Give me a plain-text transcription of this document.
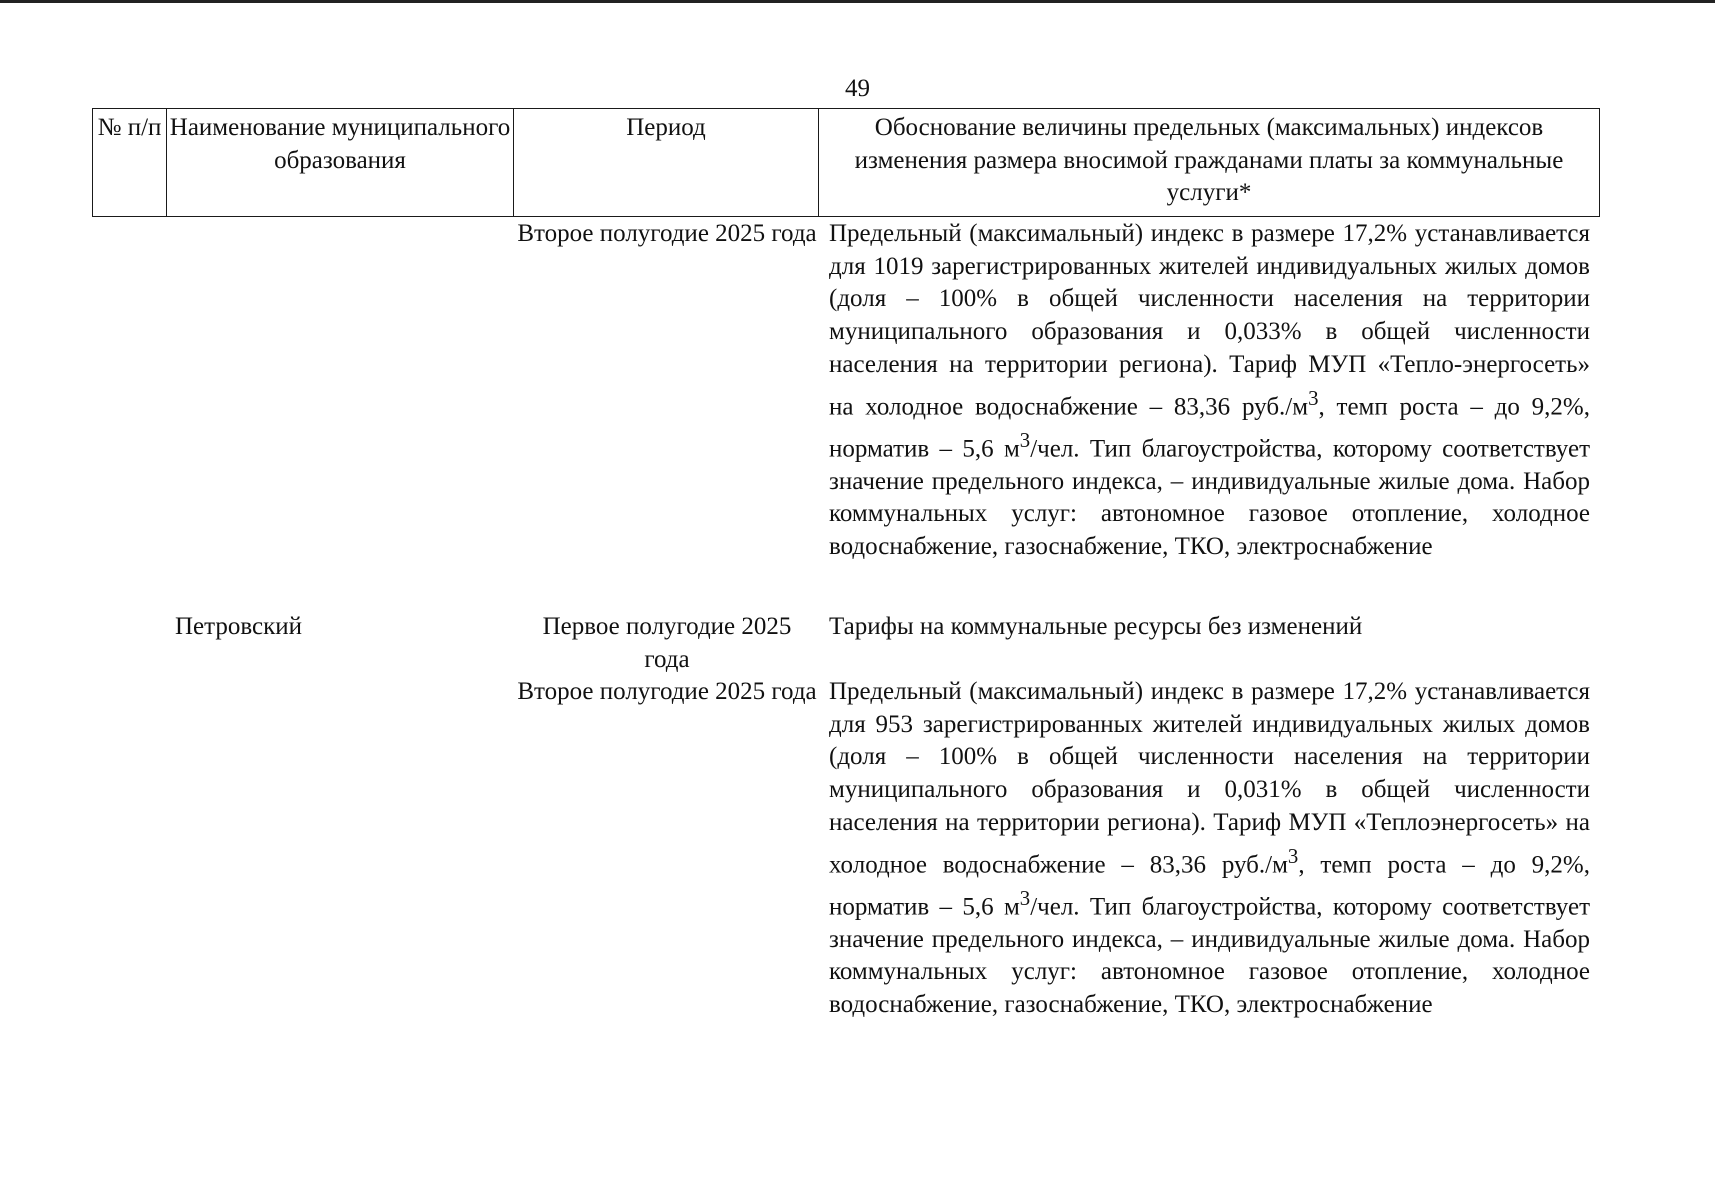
49
№ п/п Наименование муниципального образования
Период	Обоснование величины предельных (максимальных) индексов изменения размера вносимой гражданами платы за коммунальные услуги*
Второе полугодие 2025 года Предельный (максимальный) индекс в размере 17,2% устанавливается для 1019 зарегистрированных жителей индивидуальных жилых домов (доля – 100% в общей численности населения на территории муниципального образования и 0,033% в общей численности населения на территории региона). Тариф МУП «Тепло-энергосеть» на холодное водоснабжение – 83,36 $руб./м^3$, темп роста – до 9,2%, норматив – 5,6 $м^3$/чел. Тип благоустройства, которому соответствует значение предельного индекса, – индивидуальные жилые дома. Набор коммунальных услуг: автономное газовое отопление, холодное водоснабжение, газоснабжение, ТКО, электроснабжение
Петровский	Первое полугодие 2025 года
Тарифы на коммунальные ресурсы без изменений
Второе полугодие 2025 года Предельный (максимальный) индекс в размере 17,2% устанавливается для 953 зарегистрированных жителей индивидуальных жилых домов (доля – 100% в общей численности населения на территории муниципального образования и 0,031% в общей численности населения на территории региона). Тариф МУП «Теплоэнергосеть» на холодное водоснабжение – 83,36 $руб./м^3$, темп роста – до 9,2%, норматив – 5,6 $м^3$/чел. Тип благоустройства, которому соответствует значение предельного индекса, – индивидуальные жилые дома. Набор коммунальных услуг: автономное газовое отопление, холодное водоснабжение, газоснабжение, ТКО, электроснабжение
